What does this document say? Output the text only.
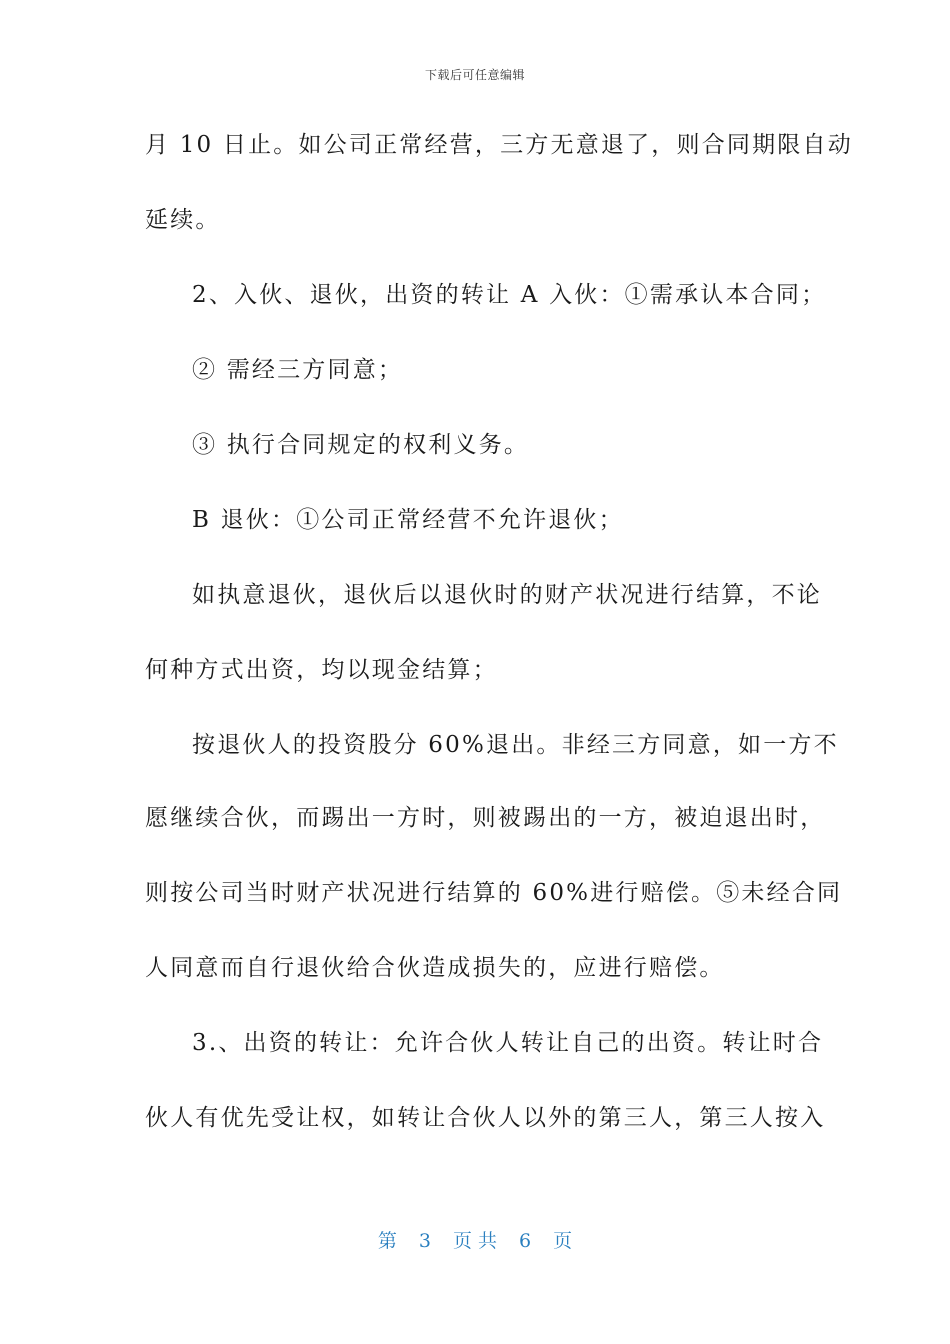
下载后可任意编辑
月 10 日止。如公司正常经营，三方无意退了，则合同期限自动
延续。
2、入伙、退伙，出资的转让 A 入伙：①需承认本合同；
② 需经三方同意；
③ 执行合同规定的权利义务。
B 退伙：①公司正常经营不允许退伙；
如执意退伙，退伙后以退伙时的财产状况进行结算，不论
何种方式出资，均以现金结算；
按退伙人的投资股分 60%退出。非经三方同意，如一方不
愿继续合伙，而踢出一方时，则被踢出的一方，被迫退出时，
则按公司当时财产状况进行结算的 60%进行赔偿。⑤未经合同
人同意而自行退伙给合伙造成损失的，应进行赔偿。
3.、出资的转让：允许合伙人转让自己的出资。转让时合
伙人有优先受让权，如转让合伙人以外的第三人，第三人按入
第 3 页 共 6 页
